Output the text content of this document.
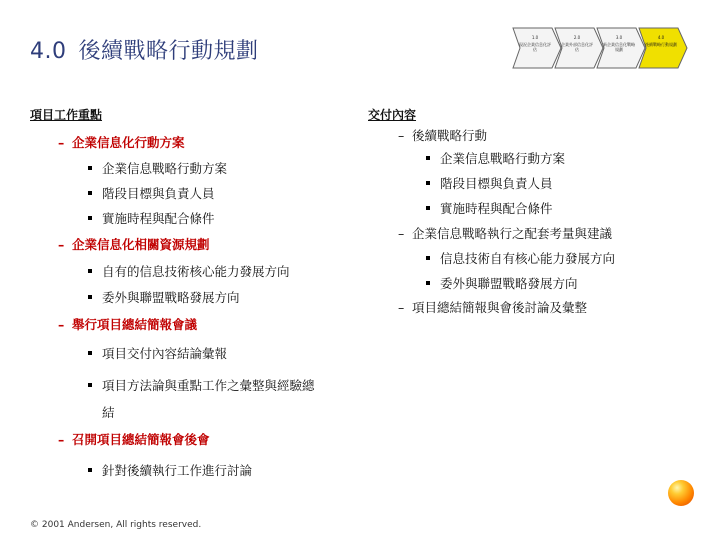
4.0 後續戰略行動規劃
1.0
現況企業信息化評估
2.0
企業外部信息化評估
3.0
新企業信息化戰略規劃
4.0
後續戰略行動規劃
項目工作重點
– 企業信息化行動方案
企業信息戰略行動方案
階段目標與負責人員
實施時程與配合條件
– 企業信息化相關資源規劃
自有的信息技術核心能力發展方向
委外與聯盟戰略發展方向
– 舉行項目總結簡報會議
項目交付內容結論彙報
項目方法論與重點工作之彙整與經驗總
結
– 召開項目總結簡報會後會
針對後續執行工作進行討論
交付內容
– 後續戰略行動
企業信息戰略行動方案
階段目標與負責人員
實施時程與配合條件
– 企業信息戰略執行之配套考量與建議
信息技術自有核心能力發展方向
委外與聯盟戰略發展方向
– 項目總結簡報與會後討論及彙整
© 2001 Andersen, All rights reserved.
